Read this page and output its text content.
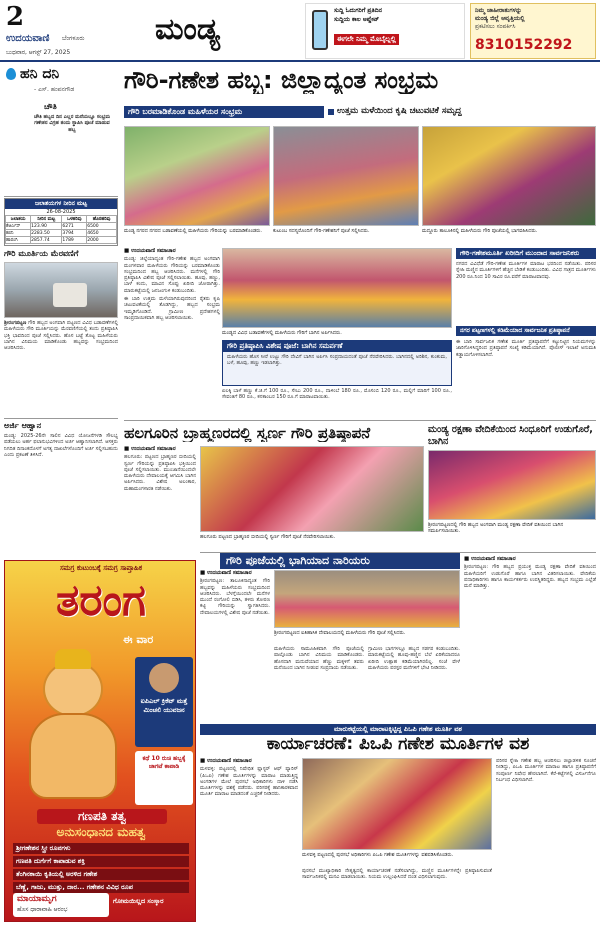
2
ಉದಯವಾಣಿ ಬೆಂಗಳೂರು
ಬುಧವಾರ, ಆಗಸ್ಟ್ 27, 2025
ಮಂಡ್ಯ
ಸುದ್ದಿ ಓದುಗರಿಗೆ ಪ್ರತಿದಿನ
ಸುದ್ದಿಯ ಕಾಲ ಅಪ್ಡೇಟ್
ಈಗಲೇ ನಿಮ್ಮ ಮೊಬೈಲ್ನಲ್ಲಿ
ನಿಮ್ಮ ಜಾಹೀರಾತುಗಳನ್ನು
ಮಂಡ್ಯ ಜಿಲ್ಲೆ ಆವೃತ್ತಿಯಲ್ಲಿ
ಪ್ರಕಟಿಸಲು ಸಂಪರ್ಕಿಸಿ
8310152292
ಹನಿ ದನಿ
- ಎಸ್. ಹಂಪನಗೌಡ
ಚೌತಿ
ಚೌತಿ ಹಬ್ಬದ ದಿನ ಎಲ್ಲರ ಮನೆಯಲ್ಲೂ ಸಂಭ್ರಮ ಗಣೇಶನ ವಿಗ್ರಹ ತಂದು ಸ್ಥಾಪಿಸಿ ಪೂಜೆ ಮಾಡುವ ಹಬ್ಬ
ಜಲಾಶಯಗಳ ನೀರಿನ ಮಟ್ಟ
26-08-2025
ಜಲಾಶಯ	ನೀರಿನ ಮಟ್ಟ	ಒಳಹರಿವು	ಹೊರಹರಿವು
ಕೆಆರ್ಎಸ್	123.90	6271	6500
ಕಬಿನಿ	2283.50	3794	4650
ಹಾರಂಗಿ	2857.74	1789	2000
ಗೌರಿ ಮೂರ್ತಿಯ ಮೆರವಣಿಗೆ
ಶ್ರೀರಂಗಪಟ್ಟಣ ಗೌರಿ ಹಬ್ಬದ ಅಂಗವಾಗಿ ಪಟ್ಟಣದ ವಿವಿಧ ಬಡಾವಣೆಗಳಲ್ಲಿ ಮಹಿಳೆಯರು ಗೌರಿ ಮೂರ್ತಿಯನ್ನು ಮೆರವಣಿಗೆಯಲ್ಲಿ ತಂದು ಪ್ರತಿಷ್ಠಾಪಿಸಿ ಭಕ್ತಿ ಭಾವದಿಂದ ಪೂಜೆ ಸಲ್ಲಿಸಿದರು. ಹೊಸ ಬಟ್ಟೆ ತೊಟ್ಟ ಮಹಿಳೆಯರು ಬಾಗಿನ ವಿನಿಮಯ ಮಾಡಿಕೊಂಡು ಹಬ್ಬವನ್ನು ಸಂಭ್ರಮದಿಂದ ಆಚರಿಸಿದರು.
ಅರ್ಜಿ ಆಹ್ವಾನ
ಮಂಡ್ಯ: 2025-26ನೇ ಸಾಲಿನ ವಿವಿಧ ಯೋಜನೆಗಳಡಿ ಸೌಲಭ್ಯ ಪಡೆಯಲು ಅರ್ಹ ಫಲಾನುಭವಿಗಳಿಂದ ಅರ್ಜಿ ಆಹ್ವಾನಿಸಲಾಗಿದೆ. ಆಸಕ್ತರು ನಿಗದಿತ ದಿನಾಂಕದೊಳಗೆ ಅಗತ್ಯ ದಾಖಲೆಗಳೊಂದಿಗೆ ಅರ್ಜಿ ಸಲ್ಲಿಸಬಹುದು ಎಂದು ಪ್ರಕಟಣೆ ತಿಳಿಸಿದೆ.
ಗೌರಿ-ಗಣೇಶ ಹಬ್ಬ: ಜಿಲ್ಲಾದ್ಯಂತ ಸಂಭ್ರಮ
ಗೌರಿ ಬರಮಾಡಿಕೊಂಡ ಮಹಿಳೆಯರ ಸಂಭ್ರಮ	ಉತ್ತಮ ಮಳೆಯಿಂದ ಕೃಷಿ ಚಟುವಟಿಕೆ ಸಮೃದ್ಧ
ಮಂಡ್ಯ ನಗರದ ನಗರದ ಬಡಾವಣೆಯಲ್ಲಿ ಮಹಿಳೆಯರು ಗೌರಿಯನ್ನು ಬರಮಾಡಿಕೊಂಡರು.	ಕುಟುಂಬ ಸದಸ್ಯರೊಂದಿಗೆ ಗೌರಿ-ಗಣೇಶನಿಗೆ ಪೂಜೆ ಸಲ್ಲಿಸಿದರು.	ಮದ್ದೂರು ತಾಲೂಕಿನಲ್ಲಿ ಮಹಿಳೆಯರು ಗೌರಿ ಪೂಜೆಯಲ್ಲಿ ಭಾಗವಹಿಸಿದರು.
■ ಉದಯವಾಣಿ ಸಮಾಚಾರ

ಮಂಡ್ಯ: ಜಿಲ್ಲೆಯಾದ್ಯಂತ ಗೌರಿ-ಗಣೇಶ ಹಬ್ಬದ ಅಂಗವಾಗಿ ಮಂಗಳವಾರ ಮಹಿಳೆಯರು ಗೌರಿಯನ್ನು ಬರಮಾಡಿಕೊಂಡು ಸಂಭ್ರಮದಿಂದ ಹಬ್ಬ ಆಚರಿಸಿದರು. ಮನೆಗಳಲ್ಲಿ ಗೌರಿ ಪ್ರತಿಷ್ಠಾಪಿಸಿ ವಿಶೇಷ ಪೂಜೆ ಸಲ್ಲಿಸಲಾಯಿತು. ಹೂವು, ಹಣ್ಣು, ಬಾಳೆ ಕಂದು, ಮಾವಿನ ಸೊಪ್ಪು ಖರೀದಿ ಜೋರಾಗಿತ್ತು. ಮಾರುಕಟ್ಟೆಯಲ್ಲಿ ಜನಜಂಗುಳಿ ಕಂಡುಬಂದಿತು.

ಈ ಬಾರಿ ಉತ್ತಮ ಮಳೆಯಾಗಿರುವುದರಿಂದ ರೈತರು ಕೃಷಿ ಚಟುವಟಿಕೆಯಲ್ಲಿ ತೊಡಗಿದ್ದು, ಹಬ್ಬದ ಸಂಭ್ರಮ ಇಮ್ಮಡಿಗೊಂಡಿದೆ. ಗ್ರಾಮೀಣ ಪ್ರದೇಶಗಳಲ್ಲಿ ಸಾಂಪ್ರದಾಯಿಕವಾಗಿ ಹಬ್ಬ ಆಚರಿಸಲಾಯಿತು.

ಮಂಡ್ಯದ ವಿವಿಧ ಬಡಾವಣೆಗಳಲ್ಲಿ ಮಹಿಳೆಯರು ಗೌರಿಗೆ ಬಾಗಿನ ಅರ್ಪಿಸಿದರು.
ಗೌರಿ ಪ್ರತಿಷ್ಠಾಪಿಸಿ ವಿಶೇಷ ಪೂಜೆ: ಬಾಗಿನ ಸಮರ್ಪಣೆ
ಮಹಿಳೆಯರು ಹೊಸ ಸೀರೆ ಉಟ್ಟು ಗೌರಿ ದೇವಿಗೆ ಬಾಗಿನ ಅರ್ಪಿಸಿ ಸಂಪ್ರದಾಯದಂತೆ ಪೂಜೆ ನೆರವೇರಿಸಿದರು. ಬಾಗಿನದಲ್ಲಿ ಅರಿಶಿನ, ಕುಂಕುಮ, ಬಳೆ, ಹೂವು, ಹಣ್ಣು ಇಡಲಾಗಿತ್ತು.
ಏಲಕ್ಕಿ ಬಾಳೆ ಹಣ್ಣು ಕೆ.ಜಿ.ಗೆ 100 ರೂ., ಸೇಬು 200 ರೂ., ದಾಳಿಂಬೆ 180 ರೂ., ಮೊಸಂಬಿ 120 ರೂ., ಮಲ್ಲಿಗೆ ಮಾರಿಗೆ 100 ರೂ., ಸೇವಂತಿಗೆ 80 ರೂ., ಕನಕಾಂಬರ 150 ರೂ.ಗೆ ಮಾರಾಟವಾಯಿತು.
ಗೌರಿ-ಗಣೇಶಮೂರ್ತಿ ಖರೀದಿಗೆ ಮುಂದಾದ ಸಾರ್ವಜನಿಕರು
ನಗರದ ವಿವಿಧೆಡೆ ಗೌರಿ-ಗಣೇಶ ಮೂರ್ತಿಗಳ ಮಾರಾಟ ಭರದಿಂದ ನಡೆಯಿತು. ಪರಿಸರ ಸ್ನೇಹಿ ಮಣ್ಣಿನ ಮೂರ್ತಿಗಳಿಗೆ ಹೆಚ್ಚಿನ ಬೇಡಿಕೆ ಕಂಡುಬಂದಿತು. ವಿವಿಧ ಗಾತ್ರದ ಮೂರ್ತಿಗಳು 200 ರೂ.ನಿಂದ 10 ಸಾವಿರ ರೂ.ವರೆಗೆ ಮಾರಾಟವಾದವು.
ನಗರ ಪಟ್ಟಣಗಳಲ್ಲಿ ಕಡಿಮೆಯಾದ ಸಾರ್ವಜನಿಕ ಪ್ರತಿಷ್ಠಾಪನೆ
ಈ ಬಾರಿ ಸಾರ್ವಜನಿಕ ಗಣೇಶ ಮೂರ್ತಿ ಪ್ರತಿಷ್ಠಾಪನೆಗೆ ಕಟ್ಟುನಿಟ್ಟಿನ ನಿಯಮಗಳನ್ನು ಜಾರಿಗೊಳಿಸಿದ್ದರಿಂದ ಪ್ರತಿಷ್ಠಾಪನೆ ಸಂಖ್ಯೆ ಕಡಿಮೆಯಾಗಿದೆ. ಪೊಲೀಸ್ ಇಲಾಖೆ ಅನುಮತಿ ಕಡ್ಡಾಯಗೊಳಿಸಲಾಗಿದೆ.
ಹಲಗೂರಿನ ಬ್ರಾಹ್ಮಣರದಲ್ಲಿ ಸ್ವರ್ಣ ಗೌರಿ ಪ್ರತಿಷ್ಠಾಪನೆ
■ ಉದಯವಾಣಿ ಸಮಾಚಾರ

ಹಲಗೂರು: ಪಟ್ಟಣದ ಬ್ರಾಹ್ಮಣರ ಬೀದಿಯಲ್ಲಿ ಸ್ವರ್ಣ ಗೌರಿಯನ್ನು ಪ್ರತಿಷ್ಠಾಪಿಸಿ ಭಕ್ತಿಯಿಂದ ಪೂಜೆ ಸಲ್ಲಿಸಲಾಯಿತು. ಮುಂಜಾನೆಯಿಂದಲೇ ಮಹಿಳೆಯರು ದೇವಾಲಯಕ್ಕೆ ಆಗಮಿಸಿ ಬಾಗಿನ ಅರ್ಪಿಸಿದರು. ವಿಶೇಷ ಅಲಂಕಾರ, ಮಹಾಮಂಗಳಾರತಿ ನಡೆಯಿತು.

ಹಲಗೂರು ಪಟ್ಟಣದ ಬ್ರಾಹ್ಮಣರ ಬೀದಿಯಲ್ಲಿ ಸ್ವರ್ಣ ಗೌರಿಗೆ ಪೂಜೆ ನೆರವೇರಿಸಲಾಯಿತು.
ಮಂಡ್ಯ ರಕ್ಷಣಾ ವೇದಿಕೆಯಿಂದ ಸಿಂಧೂರಿಗೆ ಉಡುಗೊರೆ, ಬಾಗಿನ
ಶ್ರೀರಂಗಪಟ್ಟಣದಲ್ಲಿ ಗೌರಿ ಹಬ್ಬದ ಅಂಗವಾಗಿ ಮಂಡ್ಯ ರಕ್ಷಣಾ ವೇದಿಕೆ ವತಿಯಿಂದ ಬಾಗಿನ ಸಮರ್ಪಿಸಲಾಯಿತು.
ಗೌರಿ ಪೂಜೆಯಲ್ಲಿ ಭಾಗಿಯಾದ ನಾರಿಯರು
■ ಉದಯವಾಣಿ ಸಮಾಚಾರ

ಶ್ರೀರಂಗಪಟ್ಟಣ: ತಾಲೂಕಿನಾದ್ಯಂತ ಗೌರಿ ಹಬ್ಬವನ್ನು ಮಹಿಳೆಯರು ಸಂಭ್ರಮದಿಂದ ಆಚರಿಸಿದರು. ಬೆಳಗ್ಗೆಯಿಂದಲೇ ಮನೆಗಳ ಮುಂದೆ ರಂಗೋಲಿ ಬಿಡಿಸಿ, ತಳಿರು ತೋರಣ ಕಟ್ಟಿ ಗೌರಿಯನ್ನು ಸ್ವಾಗತಿಸಿದರು. ದೇವಾಲಯಗಳಲ್ಲಿ ವಿಶೇಷ ಪೂಜೆ ನಡೆಯಿತು.

ಶ್ರೀರಂಗಪಟ್ಟಣದ ಐತಿಹಾಸಿಕ ದೇವಾಲಯದಲ್ಲಿ ಮಹಿಳೆಯರು ಗೌರಿ ಪೂಜೆ ಸಲ್ಲಿಸಿದರು.
ಮಹಿಳೆಯರು ಸಾಮೂಹಿಕವಾಗಿ ಗೌರಿ ಪೂಜೆಯಲ್ಲಿ ಪಾಲ್ಗೊಂಡು ಬಾಗಿನ ವಿನಿಮಯ ಮಾಡಿಕೊಂಡರು. ಹೊಸದಾಗಿ ಮದುವೆಯಾದ ಹೆಣ್ಣು ಮಕ್ಕಳಿಗೆ ತವರು ಮನೆಯಿಂದ ಬಾಗಿನ ನೀಡುವ ಸಂಪ್ರದಾಯ ನಡೆಯಿತು.
ಗ್ರಾಮೀಣ ಭಾಗಗಳಲ್ಲೂ ಹಬ್ಬದ ಸಡಗರ ಕಂಡುಬಂದಿತು. ಮಾರುಕಟ್ಟೆಯಲ್ಲಿ ಹೂವು-ಹಣ್ಣಿನ ಬೆಲೆ ಏರಿಕೆಯಾದರೂ ಖರೀದಿ ಉತ್ಸಾಹ ಕಡಿಮೆಯಾಗಿರಲಿಲ್ಲ. ಸಂಜೆ ವೇಳೆ ಮಹಿಳೆಯರು ಪರಸ್ಪರ ಮನೆಗಳಿಗೆ ಭೇಟಿ ನೀಡಿದರು.
■ ಉದಯವಾಣಿ ಸಮಾಚಾರ

ಶ್ರೀರಂಗಪಟ್ಟಣ: ಗೌರಿ ಹಬ್ಬದ ಪ್ರಯುಕ್ತ ಮಂಡ್ಯ ರಕ್ಷಣಾ ವೇದಿಕೆ ವತಿಯಿಂದ ಮಹಿಳೆಯರಿಗೆ ಉಡುಗೊರೆ ಹಾಗೂ ಬಾಗಿನ ವಿತರಿಸಲಾಯಿತು. ವೇದಿಕೆಯ ಪದಾಧಿಕಾರಿಗಳು ಹಾಗೂ ಕಾರ್ಯಕರ್ತರು ಉಪಸ್ಥಿತರಿದ್ದರು. ಹಬ್ಬದ ಸಂಭ್ರಮ ಎಲ್ಲೆಡೆ ಮನೆ ಮಾಡಿತ್ತು.

ಸಮಗ್ರ ಕುಟುಂಬಕ್ಕೆ ಸಮಗ್ರ ಸಾಪ್ತಾಹಿಕ
ತರಂಗ
ಈ ವಾರ
ಐಪಿಎಲ್ ಕ್ರಿಕೆಟ್ ಮತ್ತೆ ಮಿಂಚಲಿ ಯುವಜನ
ಕಥೆ 10 ರುಚಿ ಹಬ್ಬಕ್ಕೆ ಜಾಗಟೆ ಕಾಪಾಡಿ
ಗಣಪತಿ ತತ್ವ
ಅನುಸಂಧಾನದ ಮಹತ್ವ
ಶ್ರೀಗಣೇಶನ ಸ್ತ್ರೀ ರೂಪಗಳು
ಗಣಪತಿ ದುರ್ಗೆಗೆ ಕಾಪಾಡುವ ಶಕ್ತಿ
ತೆಂಗಿನಕಾಯಿ ಕೃತಿಯಲ್ಲಿ ಅರಳಿದ ಗಣೇಶ
ಬೆಣ್ಣೆ, ಗಾಜು, ಮುತ್ತು, ದಾರ... ಗಣೇಶನ ವಿವಿಧ ರೂಪ
ಮಾಯಾಮೃಗ
ಹೊಸ ಧಾರಾವಾಹಿ ಆರಂಭ
ಗೋಮಯಿಲ್ಲದ ಸಂಸ್ಕಾರ
ಮಾರುಕಟ್ಟೆಯಲ್ಲಿ ಮಾರಾಟಕ್ಕಿಟ್ಟಿದ್ದ ಪಿಒಪಿ ಗಣೇಶ ಮೂರ್ತಿ ವಶ
ಕಾರ್ಯಾಚರಣೆ: ಪಿಒಪಿ ಗಣೇಶ ಮೂರ್ತಿಗಳ ವಶ
■ ಉದಯವಾಣಿ ಸಮಾಚಾರ

ಮಳವಳ್ಳಿ: ಪಟ್ಟಣದಲ್ಲಿ ನಿಷೇಧಿತ ಪ್ಲಾಸ್ಟರ್ ಆಫ್ ಪ್ಯಾರಿಸ್ (ಪಿಒಪಿ) ಗಣೇಶ ಮೂರ್ತಿಗಳನ್ನು ಮಾರಾಟ ಮಾಡುತ್ತಿದ್ದ ಅಂಗಡಿಗಳ ಮೇಲೆ ಪುರಸಭೆ ಅಧಿಕಾರಿಗಳು ದಾಳಿ ನಡೆಸಿ ಮೂರ್ತಿಗಳನ್ನು ವಶಕ್ಕೆ ಪಡೆದರು. ಪರಿಸರಕ್ಕೆ ಹಾನಿಕಾರಕವಾದ ಮೂರ್ತಿ ಮಾರಾಟ ಮಾಡದಂತೆ ಎಚ್ಚರಿಕೆ ನೀಡಿದರು.

ಮಳವಳ್ಳಿ ಪಟ್ಟಣದಲ್ಲಿ ಪುರಸಭೆ ಅಧಿಕಾರಿಗಳು ಪಿಒಪಿ ಗಣೇಶ ಮೂರ್ತಿಗಳನ್ನು ವಶಪಡಿಸಿಕೊಂಡರು.
ಪುರಸಭೆ ಮುಖ್ಯಾಧಿಕಾರಿ ನೇತೃತ್ವದಲ್ಲಿ ಕಾರ್ಯಾಚರಣೆ ನಡೆಸಲಾಗಿದ್ದು, ಮಣ್ಣಿನ ಮೂರ್ತಿಗಳನ್ನೇ ಪ್ರತಿಷ್ಠಾಪಿಸುವಂತೆ ಸಾರ್ವಜನಿಕರಲ್ಲಿ ಮನವಿ ಮಾಡಲಾಯಿತು. ನಿಯಮ ಉಲ್ಲಂಘಿಸಿದರೆ ದಂಡ ವಿಧಿಸಲಾಗುವುದು.
ಪರಿಸರ ಸ್ನೇಹಿ ಗಣೇಶ ಹಬ್ಬ ಆಚರಿಸಲು ಜಿಲ್ಲಾಡಳಿತ ಸೂಚನೆ ನೀಡಿದ್ದು, ಪಿಒಪಿ ಮೂರ್ತಿಗಳ ಮಾರಾಟ ಹಾಗೂ ಪ್ರತಿಷ್ಠಾಪನೆಗೆ ಸಂಪೂರ್ಣ ನಿಷೇಧ ಹೇರಲಾಗಿದೆ. ಕೆರೆ-ಕಟ್ಟೆಗಳಲ್ಲಿ ವಿಸರ್ಜನೆಗೂ ನಿರ್ಬಂಧ ವಿಧಿಸಲಾಗಿದೆ.
